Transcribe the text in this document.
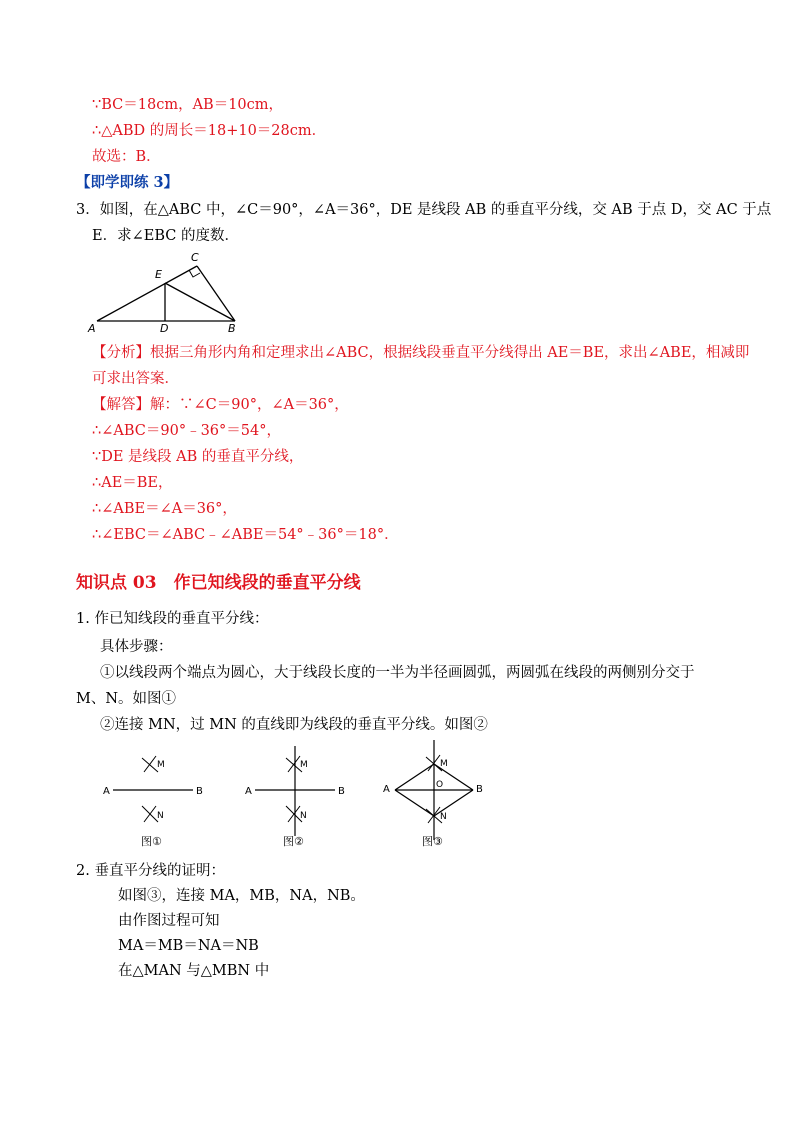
∵BC＝18cm，AB＝10cm，
∴△ABD 的周长＝18+10＝28cm．
故选：B．
【即学即练 3】
3．如图，在△ABC 中，∠C＝90°，∠A＝36°，DE 是线段 AB 的垂直平分线，交 AB 于点 D，交 AC 于点
E．求∠EBC 的度数．
A	B
C
D
E
【分析】根据三角形内角和定理求出∠ABC，根据线段垂直平分线得出 AE＝BE，求出∠ABE，相减即
可求出答案．
【解答】解：∵∠C＝90°，∠A＝36°，
∴∠ABC＝90°﹣36°＝54°，
∵DE 是线段 AB 的垂直平分线，
∴AE＝BE，
∴∠ABE＝∠A＝36°，
∴∠EBC＝∠ABC﹣∠ABE＝54°﹣36°＝18°．
知识点 03　作已知线段的垂直平分线
1. 作已知线段的垂直平分线：
具体步骤：
①以线段两个端点为圆心，大于线段长度的一半为半径画圆弧，两圆弧在线段的两侧别分交于
M、N。如图①
②连接 MN，过 MN 的直线即为线段的垂直平分线。如图②
A	B
M
N
图①
A	B
M
N
图②
A	B
M
N
O
图③
2. 垂直平分线的证明：
如图③，连接 MA，MB，NA，NB。
由作图过程可知
MA＝MB＝NA＝NB
在△MAN 与△MBN 中
